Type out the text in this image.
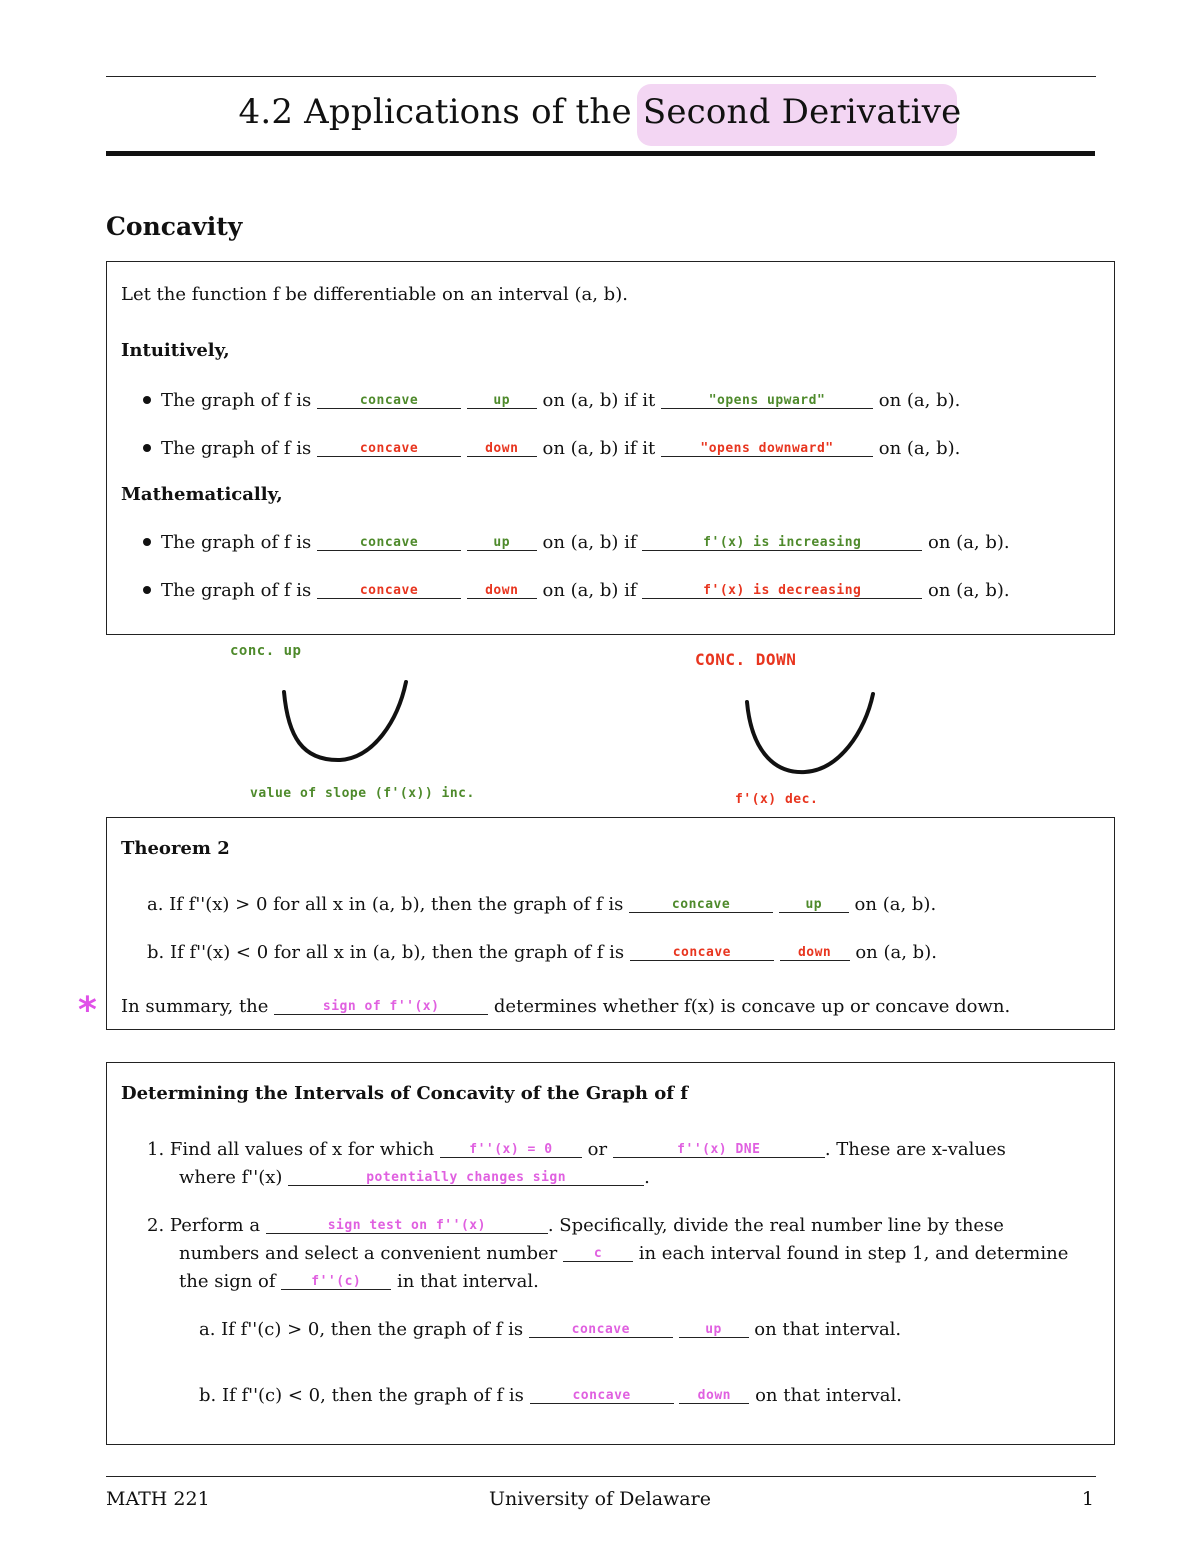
4.2 Applications of the Second Derivative
Concavity
Let the function f be differentiable on an interval (a, b).
Intuitively,
The graph of f is	concave
	up	on (a, b) if it	"opens upward"	on (a, b).
The graph of f is	concave
	down	on (a, b) if it	"opens downward"	on (a, b).
Mathematically,
The graph of f is	concave
	up	on (a, b) if	f'(x) is increasing	on (a, b).
The graph of f is	concave
	down	on (a, b) if	f'(x) is decreasing	on (a, b).
conc. up
value of slope (f'(x)) inc.
CONC. DOWN
f'(x) dec.
Theorem 2
a. If f''(x) > 0 for all x in (a, b), then the graph of f is	concave
	up	on (a, b).
b. If f''(x) < 0 for all x in (a, b), then the graph of f is	concave
	down	on (a, b).
In summary, the	sign of f''(x)	determines whether f(x) is concave up or concave down.
*
Determining the Intervals of Concavity of the Graph of f
1. Find all values of x for which	f''(x) = 0	or	f''(x) DNE	. These are x-values
where f''(x)	potentially changes sign	.
2. Perform a	sign test on f''(x)	. Specifically, divide the real number line by these
numbers and select a convenient number	c	in each interval found in step 1, and determine
the sign of	f''(c)	in that interval.
a. If f''(c) > 0, then the graph of f is	concave
	up	on that interval.
b. If f''(c) < 0, then the graph of f is	concave
	down	on that interval.
MATH 221	University of Delaware	1
